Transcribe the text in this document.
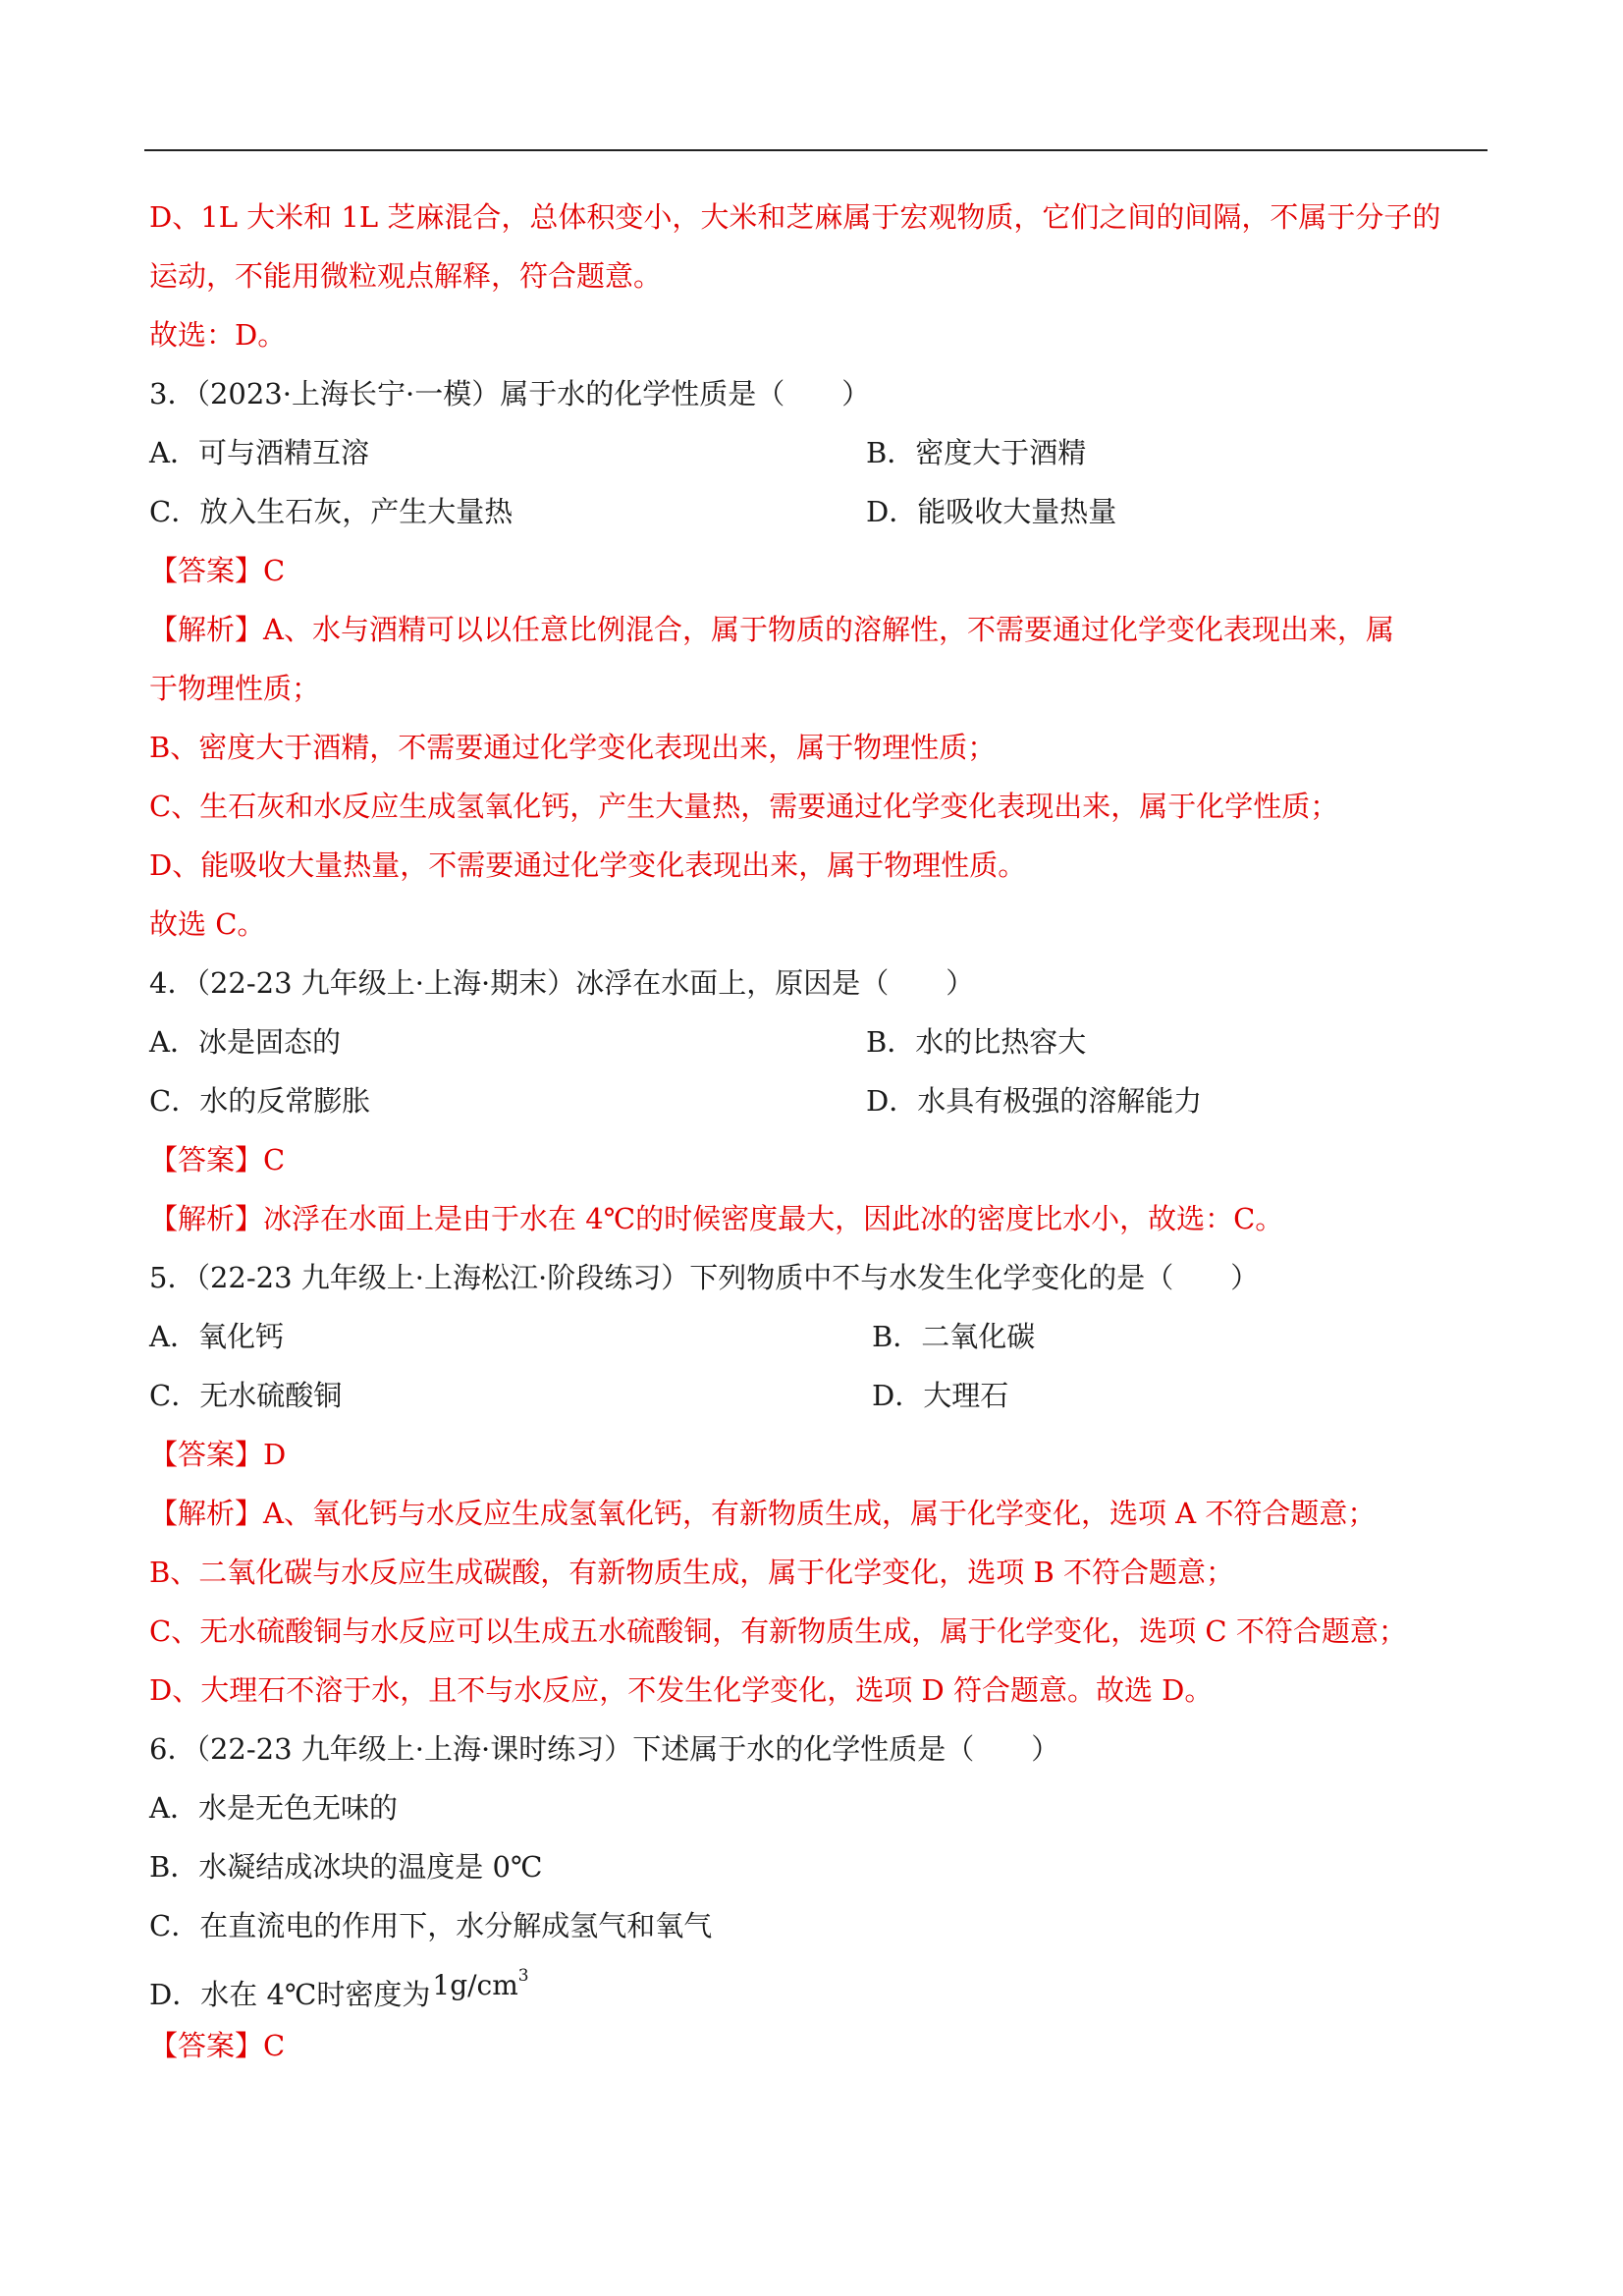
D、1L 大米和 1L 芝麻混合，总体积变小，大米和芝麻属于宏观物质，它们之间的间隔，不属于分子的
运动，不能用微粒观点解释，符合题意。
故选：D。
3．（2023·上海长宁·一模）属于水的化学性质是（　　）
A．可与酒精互溶	B．密度大于酒精
C．放入生石灰，产生大量热	D．能吸收大量热量
【答案】C
【解析】A、水与酒精可以以任意比例混合，属于物质的溶解性，不需要通过化学变化表现出来，属
于物理性质；
B、密度大于酒精，不需要通过化学变化表现出来，属于物理性质；
C、生石灰和水反应生成氢氧化钙，产生大量热，需要通过化学变化表现出来，属于化学性质；
D、能吸收大量热量，不需要通过化学变化表现出来，属于物理性质。
故选 C。
4．（22-23 九年级上·上海·期末）冰浮在水面上，原因是（　　）
A．冰是固态的	B．水的比热容大
C．水的反常膨胀	D．水具有极强的溶解能力
【答案】C
【解析】冰浮在水面上是由于水在 4℃的时候密度最大，因此冰的密度比水小，故选：C。
5．（22-23 九年级上·上海松江·阶段练习）下列物质中不与水发生化学变化的是（　　）
A．氧化钙	B．二氧化碳
C．无水硫酸铜	D．大理石
【答案】D
【解析】A、氧化钙与水反应生成氢氧化钙，有新物质生成，属于化学变化，选项 A 不符合题意；
B、二氧化碳与水反应生成碳酸，有新物质生成，属于化学变化，选项 B 不符合题意；
C、无水硫酸铜与水反应可以生成五水硫酸铜，有新物质生成，属于化学变化，选项 C 不符合题意；
D、大理石不溶于水，且不与水反应，不发生化学变化，选项 D 符合题意。故选 D。
6．（22-23 九年级上·上海·课时练习）下述属于水的化学性质是（　　）
A．水是无色无味的
B．水凝结成冰块的温度是 0℃
C．在直流电的作用下，水分解成氢气和氧气
D．水在 4℃时密度为$1g/cm^3$
【答案】C
